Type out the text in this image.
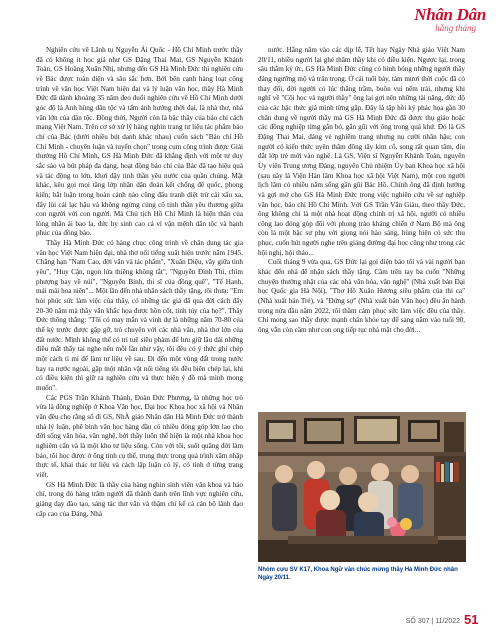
Nhân Dân
hằng tháng

Nghiên cứu về Lãnh tụ Nguyễn Ái Quốc - Hồ Chí Minh trước thầy đã có không ít học giả như GS Đặng Thai Mai, GS Nguyễn Khánh Toàn, GS Hoàng Xuân Nhị, nhưng đến GS Hà Minh Đức thì nghiên cứu về Bác được toàn diện và sâu sắc hơn. Bởi bên cạnh hàng loạt công trình về văn học Việt Nam hiện đại và lý luận văn học, thầy Hà Minh Đức đã dành khoảng 35 năm đeo đuổi nghiên cứu về Hồ Chí Minh dưới góc độ là Anh hùng dân tộc và tấm ảnh hướng thời đại, là nhà thơ, nhà văn lớn của dân tộc. Đồng thời, Người còn là bậc thầy của báo chí cách mạng Việt Nam. Trên cơ sở xử lý hàng nghìn trang tư liệu tác phẩm báo chí của Bác (dưới nhiều bút danh khác nhau) cuốn sách "Báo chí Hồ Chí Minh - chuyên luận và tuyển chọn" trong cụm công trình được Giải thưởng Hồ Chí Minh, GS Hà Minh Đức đã khẳng định với một tư duy sắc sảo và bút pháp đa dạng, hoạt động báo chí của Bác đã tạo hiệu quả và tác động to lớn, khơi dậy tinh thần yêu nước của quần chúng. Mặt khác, kêu gọi mọi tầng lớp nhân dân đoàn kết chống đế quốc, phong kiến; bắt luận trong hoàn cảnh nào cũng đấu tranh diệt trừ cái xấu xa, đẩy lùi cái lạc hậu và không ngừng củng cố tinh thần yêu thương giữa con người với con người. Mà Chủ tịch Hồ Chí Minh là hiện thân của lòng nhân ái bao la, đức hy sinh cao cả vì vận mệnh dân tộc và hạnh phúc của đồng bào.

Thầy Hà Minh Đức có hàng chục công trình về chân dung tác gia văn học Việt Nam hiện đại, nhà thơ nổi tiếng xuất hiện trước năm 1945. Chẳng hạn "Nam Cao, đời văn và tác phẩm", "Xuân Diệu, vây giữa tình yêu", "Huy Cận, ngọn lửa thiêng không tắt", "Nguyễn Đình Thi, chìm phượng bay về núi", "Nguyễn Bính, thi sĩ của đồng quê", "Tế Hanh, mái mải hoa niên"... Một lần đến nhà nhân sách thầy tặng, tôi thưa: "Em hỏi phúc sức làm việc của thầy, có những tác giả đã qua đời cách đây 20-30 năm mà thầy vẫn khắc họa được hồn cốt, tinh túy của họ?". Thầy Đức thông thẳng: "Tôi có may mắn và vinh dự là những năm 70-80 của thế kỷ trước được gặp gỡ, trò chuyện với các nhà văn, nhà thơ lớn của đất nước. Mình không thể có trí tuệ siêu phàm để lưu giữ lâu dài những điều mắt thấy tai nghe nên mỗi lần như vậy, tôi đều có ý thức ghi chép một cách tỉ mỉ để làm tư liệu về sau. Đi đến một vùng đất trong nước hay ra nước ngoài, gặp một nhân vật nổi tiếng tôi đều biên chép lại, khi có điều kiện thì giữ ra nghiên cứu và thực hiện ý đồ mà mình mong muốn".

Các PGS Trần Khánh Thành, Đoàn Đức Phương, là những học trò vừa là đồng nghiệp ở Khoa Văn học, Đại học Khoa học xã hội và Nhân văn đều cho rằng số đi GS, NhÀ giáo Nhân dân Hà Minh Đức trở thành nhà lý luận, phê bình văn học hàng đầu có nhiều đóng góp lớn lao cho đời sống văn hóa, văn nghệ, bởi thầy luôn thể hiện là một nhà khoa học nghiêm cẩn và là một kho tư liệu sống. Còn với tôi, suốt quãng đời làm báo, tôi học được ở ông tinh cụ thể, trung thực trong quá trình xâm nhập thực tế, khai thác tư liệu và cách lập luận có lý, có tình ở từng trang viết.

GS Hà Minh Đức là thầy của hàng nghìn sinh viên văn khoa và báo chí, trong đó hàng trăm người đã thành danh trên lĩnh vực nghiên cứu, giảng dạy đào tạo, sáng tác thơ văn và thậm chí kể cả cán bộ lãnh đạo cấp cao của Đảng, Nhà

nước. Hằng năm vào các dịp lễ, Tết hay Ngày Nhà giáo Việt Nam 20/11, nhiều người lại ghé thăm thầy khi có điều kiện. Ngược lại, trong sâu thẳm ký ức, GS Hà Minh Đức cũng có hình bóng những người thầy đáng ngưỡng mộ và trân trọng. Ở cái tuổi bảy, tám mươi thời cuộc đã có thay đổi, đời người có lúc thăng trầm, buồn vui nếm trải, nhưng khi nghĩ về "Cõi học và người thầy" ông lại gợi nên những tài năng, đức độ của các bậc thức giả mình từng gặp. Đây là tập hồi ký phác họa gần 30 chân dung về người thầy mà GS Hà Minh Đức đã được thụ giáo hoặc các đồng nghiệp từng gắn bó, gắn gũi với ông trong quá khứ. Đó là GS Đặng Thai Mai, đáng vẻ nghiêm trang nhưng nụ cười nhân hậu; con người có kiến thức uyên thâm đông tây kim cổ, song rất quan tâm, dìu dắt lớp trẻ mới vào nghề. Là GS, Viện sĩ Nguyễn Khánh Toàn, nguyên Ủy viên Trung ương Đảng, nguyên Chủ nhiệm Ủy ban Khoa học xã hội (sau này là Viện Hàn lâm Khoa học xã hội Việt Nam), một con người lịch lãm có nhiều năm sống gần gũi Bác Hồ. Chính ông đã định hướng và gợi mở cho GS Hà Minh Đức trong việc nghiên cứu về sự nghiệp văn học, báo chí Hồ Chí Minh. Với GS Trần Văn Giàu, theo thầy Đức, ông không chỉ là một nhà hoạt động chính trị xã hội, người có nhiều công lao đóng góp đối với phong trào kháng chiến ở Nam Bộ mà ông còn là một bậc sư phụ với giọng nói hào sảng, hùng biện có sức thu phục, cuốn hút người nghe trên giảng đường đại học cũng như trong các hội nghị, hội thảo...

Cuối tháng 9 vừa qua, GS Đức lại gọi điện báo tôi và vài người bạn khác đến nhà để nhận sách thầy tặng. Cầm trên tay ba cuốn "Những chuyện thường nhật của các nhà văn hóa, văn nghệ" (Nhà xuất bản Đại học Quốc gia Hà Nội), "Thơ Hồ Xuân Hương siêu phẩm của thi ca" (Nhà xuất bản Trẻ), và "Đứng sợ" (Nhà xuất bản Văn học) đều ấn hành trong nửa đầu năm 2022, tôi thầm cảm phục sức làm việc đều của thầy. Chỉ mong sao thầy được mạnh chân khỏe tay để sang năm vào tuổi 90, ông vẫn còn cầm như con ong tiếp tục nhả mật cho đời...

Nhóm cựu SV K17, Khoa Ngữ văn chúc mừng thầy Hà Minh Đức nhân Ngày 20/11.
SỐ 307 | 11/2022 51
